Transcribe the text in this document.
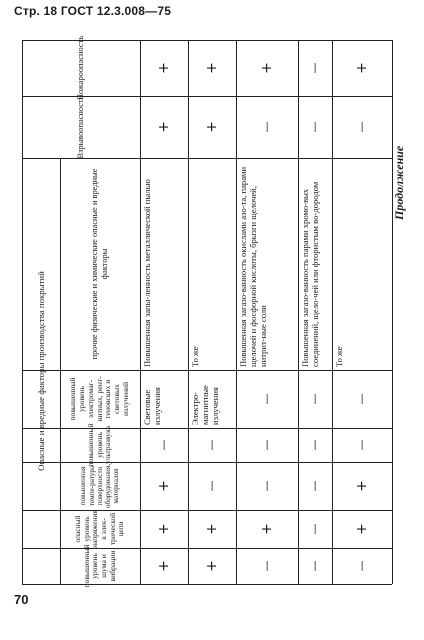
Стр. 18 ГОСТ 12.3.008—75
Продолжение
70
Пожароопасность
Взрывоопасность
Опасные и вредные факторы производства покрытий
прочие физические и химические опасные и вредные факторы
повышенный уровень электромаг-нитных, рент-геновских и световых излучений
повышенный уровень ультразвука
повышенная темпе-ратура поверхности оборудования, материалов
опасный уровень напряжения в элек-трической цепи
повышенный уровень шума и вибрации
+
+
Повышенная запы-ленность металлической пылью
Световые излучения
—
+
+
+
+
+
То же
Электро-магнитные излучения
—
—
+
+
+
—
Повышенная загазо-ванность окислами азо-та, парами щелочей и фосфорной кислоты, брызги щелочей, нитрит-ные соли
—
—
—
+
—
—
—
Повышенная загазо-ванность парами хромо-вых соединений, щело-чей или фтористым во-дородом
—
—
—
—
—
+
—
То же
—
—
+
+
—
